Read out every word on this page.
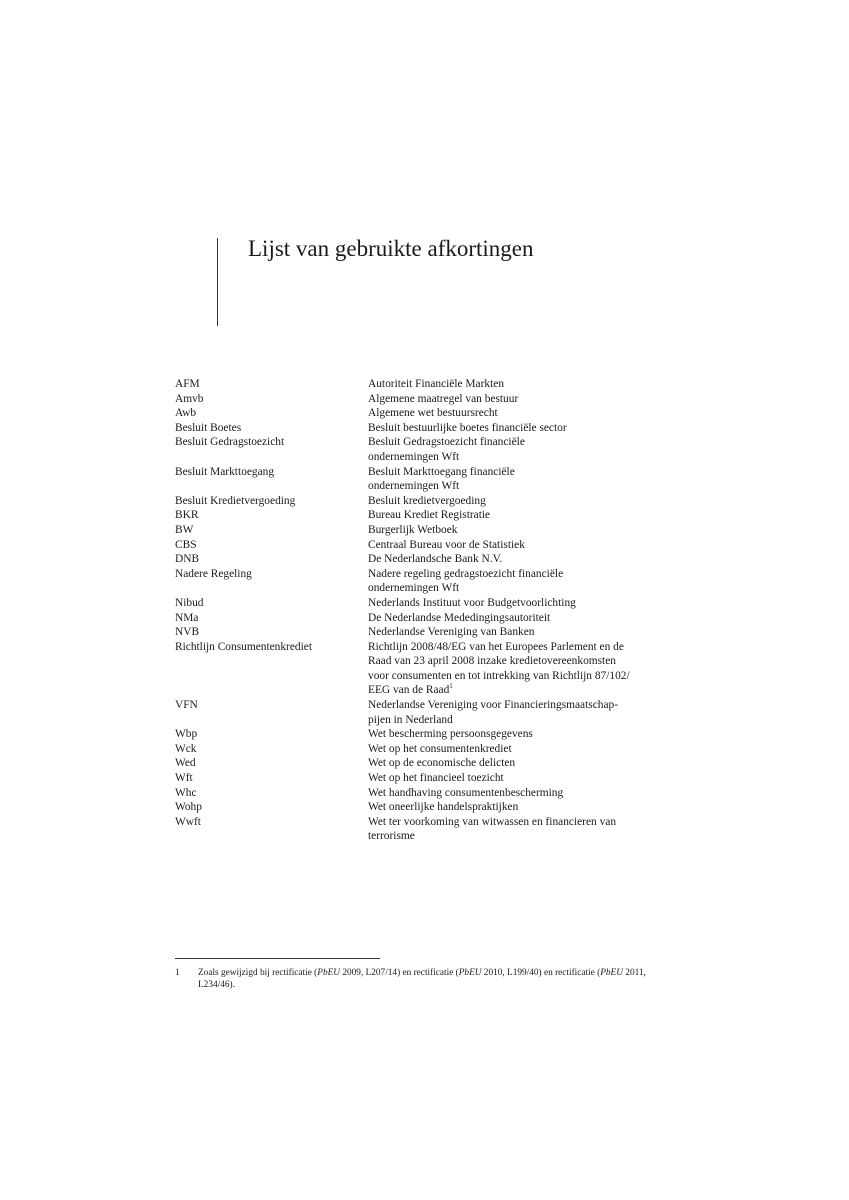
Lijst van gebruikte afkortingen
AFM	Autoriteit Financiële Markten
Amvb	Algemene maatregel van bestuur
Awb	Algemene wet bestuursrecht
Besluit Boetes	Besluit bestuurlijke boetes financiële sector
Besluit Gedragstoezicht	Besluit Gedragstoezicht financiële
ondernemingen Wft
Besluit Markttoegang	Besluit Markttoegang financiële
ondernemingen Wft
Besluit Kredietvergoeding	Besluit kredietvergoeding
BKR	Bureau Krediet Registratie
BW	Burgerlijk Wetboek
CBS	Centraal Bureau voor de Statistiek
DNB	De Nederlandsche Bank N.V.
Nadere Regeling	Nadere regeling gedragstoezicht financiële
ondernemingen Wft
Nibud	Nederlands Instituut voor Budgetvoorlichting
NMa	De Nederlandse Mededingingsautoriteit
NVB	Nederlandse Vereniging van Banken
Richtlijn Consumentenkrediet	Richtlijn 2008/48/EG van het Europees Parlement en de
Raad van 23 april 2008 inzake kredietovereenkomsten
voor consumenten en tot intrekking van Richtlijn 87/102/
EEG van de Raad$^1$
VFN	Nederlandse Vereniging voor Financieringsmaatschap-
pijen in Nederland
Wbp	Wet bescherming persoonsgegevens
Wck	Wet op het consumentenkrediet
Wed	Wet op de economische delicten
Wft	Wet op het financieel toezicht
Whc	Wet handhaving consumentenbescherming
Wohp	Wet oneerlijke handelspraktijken
Wwft	Wet ter voorkoming van witwassen en financieren van
terrorisme
1	Zoals gewijzigd bij rectificatie (PbEU 2009, L207/14) en rectificatie (PbEU 2010, L199/40) en rectificatie (PbEU 2011, L234/46).
